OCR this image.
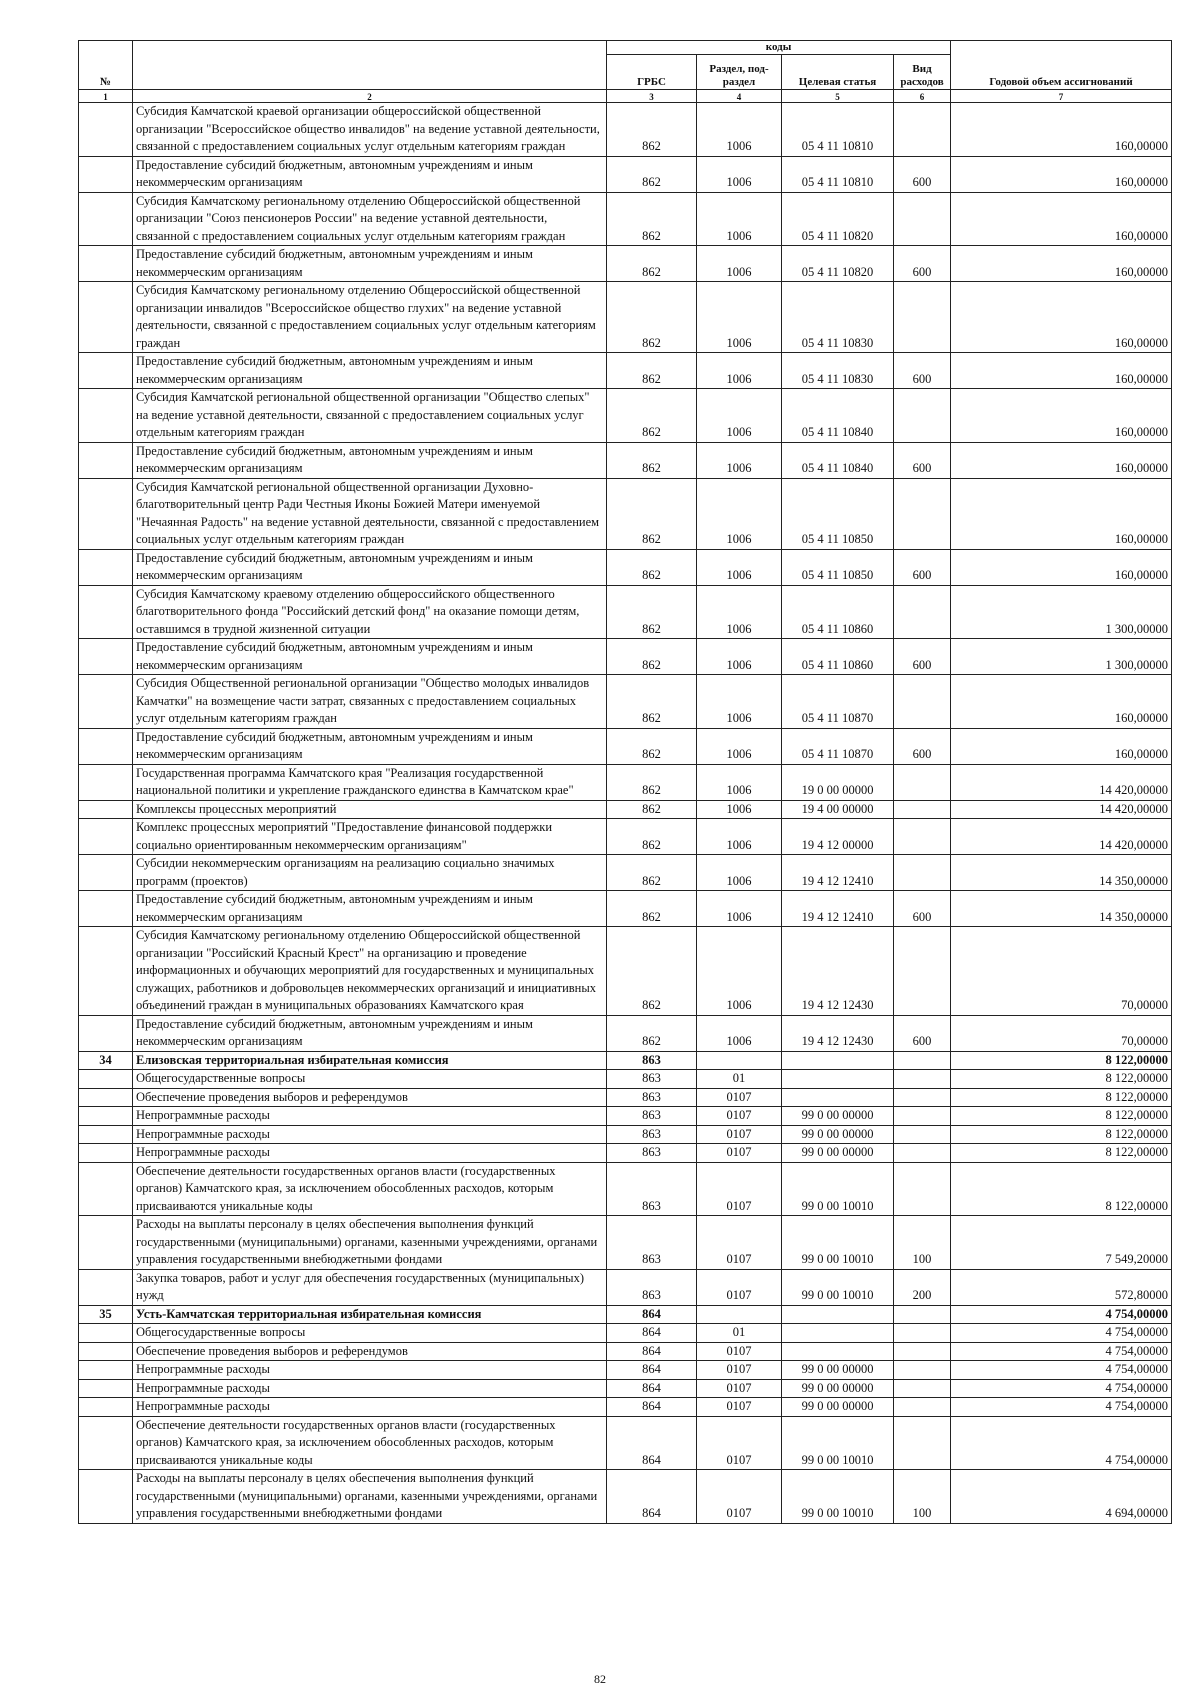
№		коды				Годовой объем ассигнований
		ГРБС	Раздел, под-раздел	Целевая статья	Вид расходов	
1	2	3	4	5	6	7
	Субсидия Камчатской краевой организации общероссийской общественной организации "Всероссийское общество инвалидов" на ведение уставной деятельности, связанной с предоставлением социальных услуг отдельным категориям граждан	862	1006	05 4 11 10810		160,00000
	Предоставление субсидий бюджетным, автономным учреждениям и иным некоммерческим организациям	862	1006	05 4 11 10810	600	160,00000
	Субсидия Камчатскому региональному отделению Общероссийской общественной организации "Союз пенсионеров России" на ведение уставной деятельности, связанной с предоставлением социальных услуг отдельным категориям граждан	862	1006	05 4 11 10820		160,00000
	Предоставление субсидий бюджетным, автономным учреждениям и иным некоммерческим организациям	862	1006	05 4 11 10820	600	160,00000
	Субсидия Камчатскому региональному отделению Общероссийской общественной организации инвалидов "Всероссийское общество глухих" на ведение уставной деятельности, связанной с предоставлением социальных услуг отдельным категориям граждан	862	1006	05 4 11 10830		160,00000
	Предоставление субсидий бюджетным, автономным учреждениям и иным некоммерческим организациям	862	1006	05 4 11 10830	600	160,00000
	Субсидия Камчатской региональной общественной организации "Общество слепых" на ведение уставной деятельности, связанной с предоставлением социальных услуг отдельным категориям граждан	862	1006	05 4 11 10840		160,00000
	Предоставление субсидий бюджетным, автономным учреждениям и иным некоммерческим организациям	862	1006	05 4 11 10840	600	160,00000
	Субсидия Камчатской региональной общественной организации Духовно-благотворительный центр Ради Честныя Иконы Божией Матери именуемой "Нечаянная Радость" на ведение уставной деятельности, связанной с предоставлением социальных услуг отдельным категориям граждан	862	1006	05 4 11 10850		160,00000
	Предоставление субсидий бюджетным, автономным учреждениям и иным некоммерческим организациям	862	1006	05 4 11 10850	600	160,00000
	Субсидия Камчатскому краевому отделению общероссийского общественного благотворительного фонда "Российский детский фонд" на оказание помощи детям, оставшимся в трудной жизненной ситуации	862	1006	05 4 11 10860		1 300,00000
	Предоставление субсидий бюджетным, автономным учреждениям и иным некоммерческим организациям	862	1006	05 4 11 10860	600	1 300,00000
	Субсидия Общественной региональной организации "Общество молодых инвалидов Камчатки" на возмещение части затрат, связанных с предоставлением социальных услуг отдельным категориям граждан	862	1006	05 4 11 10870		160,00000
	Предоставление субсидий бюджетным, автономным учреждениям и иным некоммерческим организациям	862	1006	05 4 11 10870	600	160,00000
	Государственная программа Камчатского края "Реализация государственной национальной политики и укрепление гражданского единства в Камчатском крае"	862	1006	19 0 00 00000		14 420,00000
	Комплексы процессных мероприятий	862	1006	19 4 00 00000		14 420,00000
	Комплекс процессных мероприятий "Предоставление финансовой поддержки социально ориентированным некоммерческим организациям"	862	1006	19 4 12 00000		14 420,00000
	Субсидии некоммерческим организациям на реализацию социально значимых программ (проектов)	862	1006	19 4 12 12410		14 350,00000
	Предоставление субсидий бюджетным, автономным учреждениям и иным некоммерческим организациям	862	1006	19 4 12 12410	600	14 350,00000
	Субсидия Камчатскому региональному отделению Общероссийской общественной организации "Российский Красный Крест" на организацию и проведение информационных и обучающих мероприятий для государственных и муниципальных служащих, работников и добровольцев некоммерческих организаций и инициативных объединений граждан в муниципальных образованиях Камчатского края	862	1006	19 4 12 12430		70,00000
	Предоставление субсидий бюджетным, автономным учреждениям и иным некоммерческим организациям	862	1006	19 4 12 12430	600	70,00000
34	Елизовская территориальная избирательная комиссия	863				8 122,00000
	Общегосударственные вопросы	863	01			8 122,00000
	Обеспечение проведения выборов и референдумов	863	0107			8 122,00000
	Непрограммные расходы	863	0107	99 0 00 00000		8 122,00000
	Непрограммные расходы	863	0107	99 0 00 00000		8 122,00000
	Непрограммные расходы	863	0107	99 0 00 00000		8 122,00000
	Обеспечение деятельности государственных органов власти (государственных органов) Камчатского края, за исключением обособленных расходов, которым присваиваются уникальные коды	863	0107	99 0 00 10010		8 122,00000
	Расходы на выплаты персоналу в целях обеспечения выполнения функций государственными (муниципальными) органами, казенными учреждениями, органами управления государственными внебюджетными фондами	863	0107	99 0 00 10010	100	7 549,20000
	Закупка товаров, работ и услуг для обеспечения государственных (муниципальных) нужд	863	0107	99 0 00 10010	200	572,80000
35	Усть-Камчатская территориальная избирательная комиссия	864				4 754,00000
	Общегосударственные вопросы	864	01			4 754,00000
	Обеспечение проведения выборов и референдумов	864	0107			4 754,00000
	Непрограммные расходы	864	0107	99 0 00 00000		4 754,00000
	Непрограммные расходы	864	0107	99 0 00 00000		4 754,00000
	Непрограммные расходы	864	0107	99 0 00 00000		4 754,00000
	Обеспечение деятельности государственных органов власти (государственных органов) Камчатского края, за исключением обособленных расходов, которым присваиваются уникальные коды	864	0107	99 0 00 10010		4 754,00000
	Расходы на выплаты персоналу в целях обеспечения выполнения функций государственными (муниципальными) органами, казенными учреждениями, органами управления государственными внебюджетными фондами	864	0107	99 0 00 10010	100	4 694,00000
82
